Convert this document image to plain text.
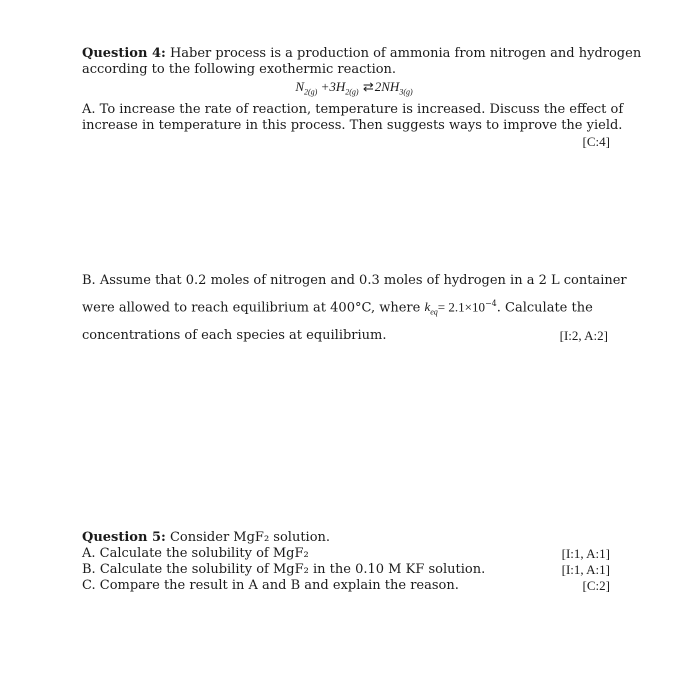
Question 4: Haber process is a production of ammonia from nitrogen and hydrogen
according to the following exothermic reaction.
$N_{2(g)} +3H_{2(g)}$ $⇄2NH_{3(g)}$
A. To increase the rate of reaction, temperature is increased. Discuss the effect of
increase in temperature in this process. Then suggests ways to improve the yield.
[C:4]
B. Assume that 0.2 moles of nitrogen and 0.3 moles of hydrogen in a 2 L container
were allowed to reach equilibrium at 400°C, where $k_{eq}= 2.1\times 10^{-4}$. Calculate the
concentrations of each species at equilibrium.	[I:2, A:2]
Question 5: Consider MgF₂ solution.
A. Calculate the solubility of MgF₂	[I:1, A:1]
B. Calculate the solubility of MgF₂ in the 0.10 M KF solution.	[I:1, A:1]
C. Compare the result in A and B and explain the reason.	[C:2]
